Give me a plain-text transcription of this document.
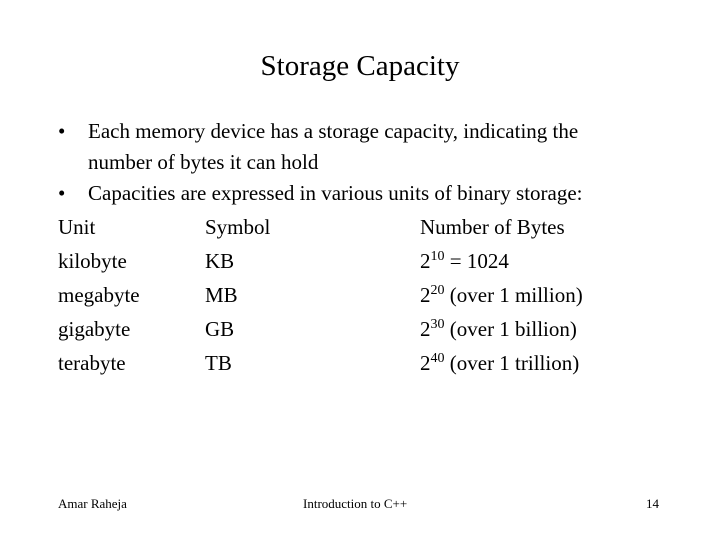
Storage Capacity
• Each memory device has a storage capacity, indicating the
number of bytes it can hold
• Capacities are expressed in various units of binary storage:
Unit	Symbol	Number of Bytes
kilobyte	KB	$2^{10} = 1024$
megabyte	MB	$2^{20}$ (over 1 million)
gigabyte	GB	$2^{30}$ (over 1 billion)
terabyte	TB	$2^{40}$ (over 1 trillion)
Amar Raheja	Introduction to C++	14
